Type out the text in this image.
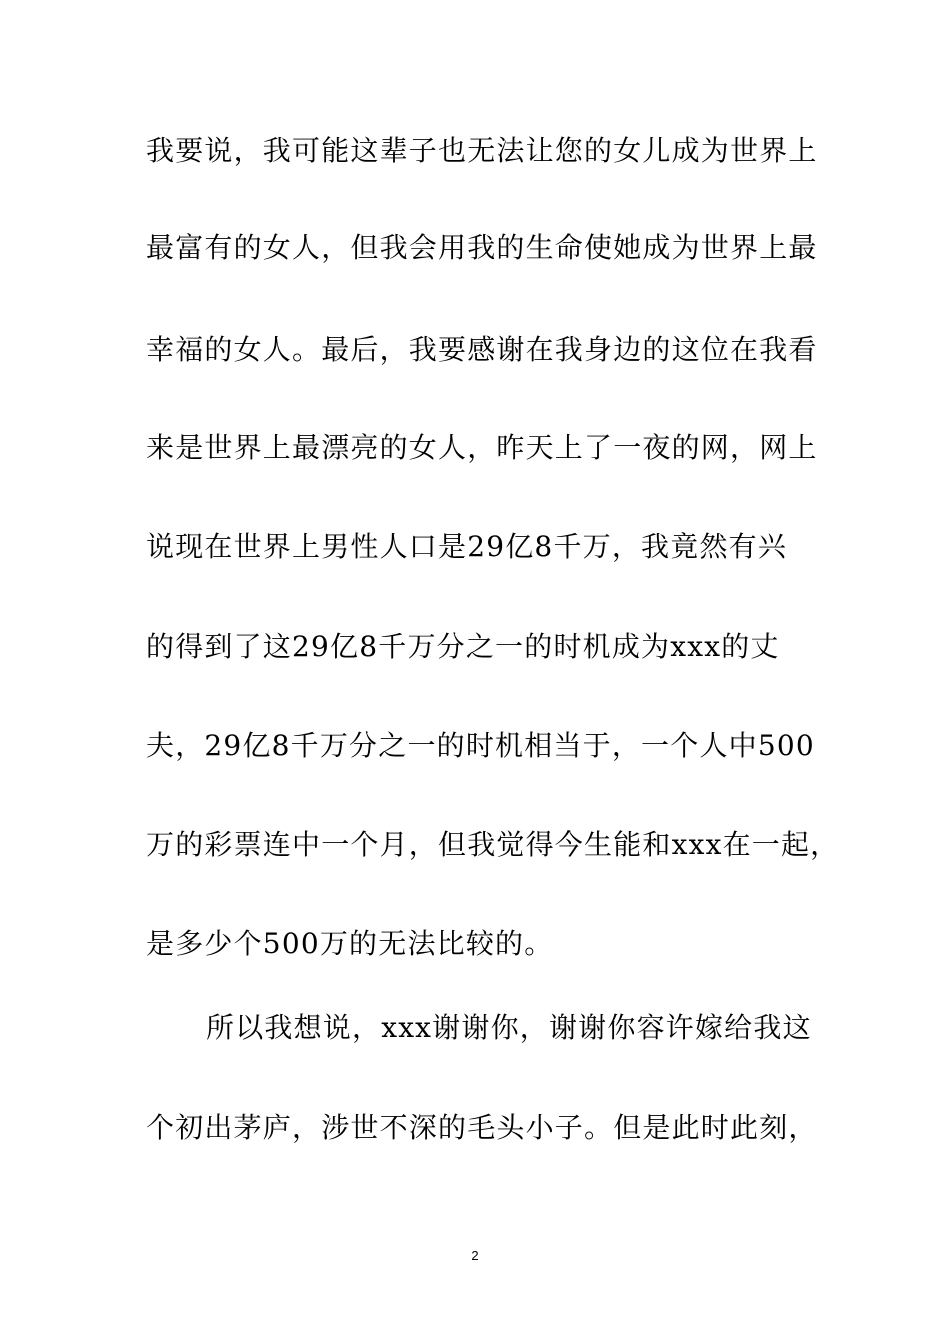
我要说，我可能这辈子也无法让您的女儿成为世界上
最富有的女人，但我会用我的生命使她成为世界上最
幸福的女人。最后，我要感谢在我身边的这位在我看
来是世界上最漂亮的女人，昨天上了一夜的网，网上
说现在世界上男性人口是29亿8千万，我竟然有兴
的得到了这29亿8千万分之一的时机成为xxx的丈
夫，29亿8千万分之一的时机相当于，一个人中500
万的彩票连中一个月，但我觉得今生能和xxx在一起，
是多少个500万的无法比较的。
所以我想说，xxx谢谢你，谢谢你容许嫁给我这
个初出茅庐，涉世不深的毛头小子。但是此时此刻，
2
